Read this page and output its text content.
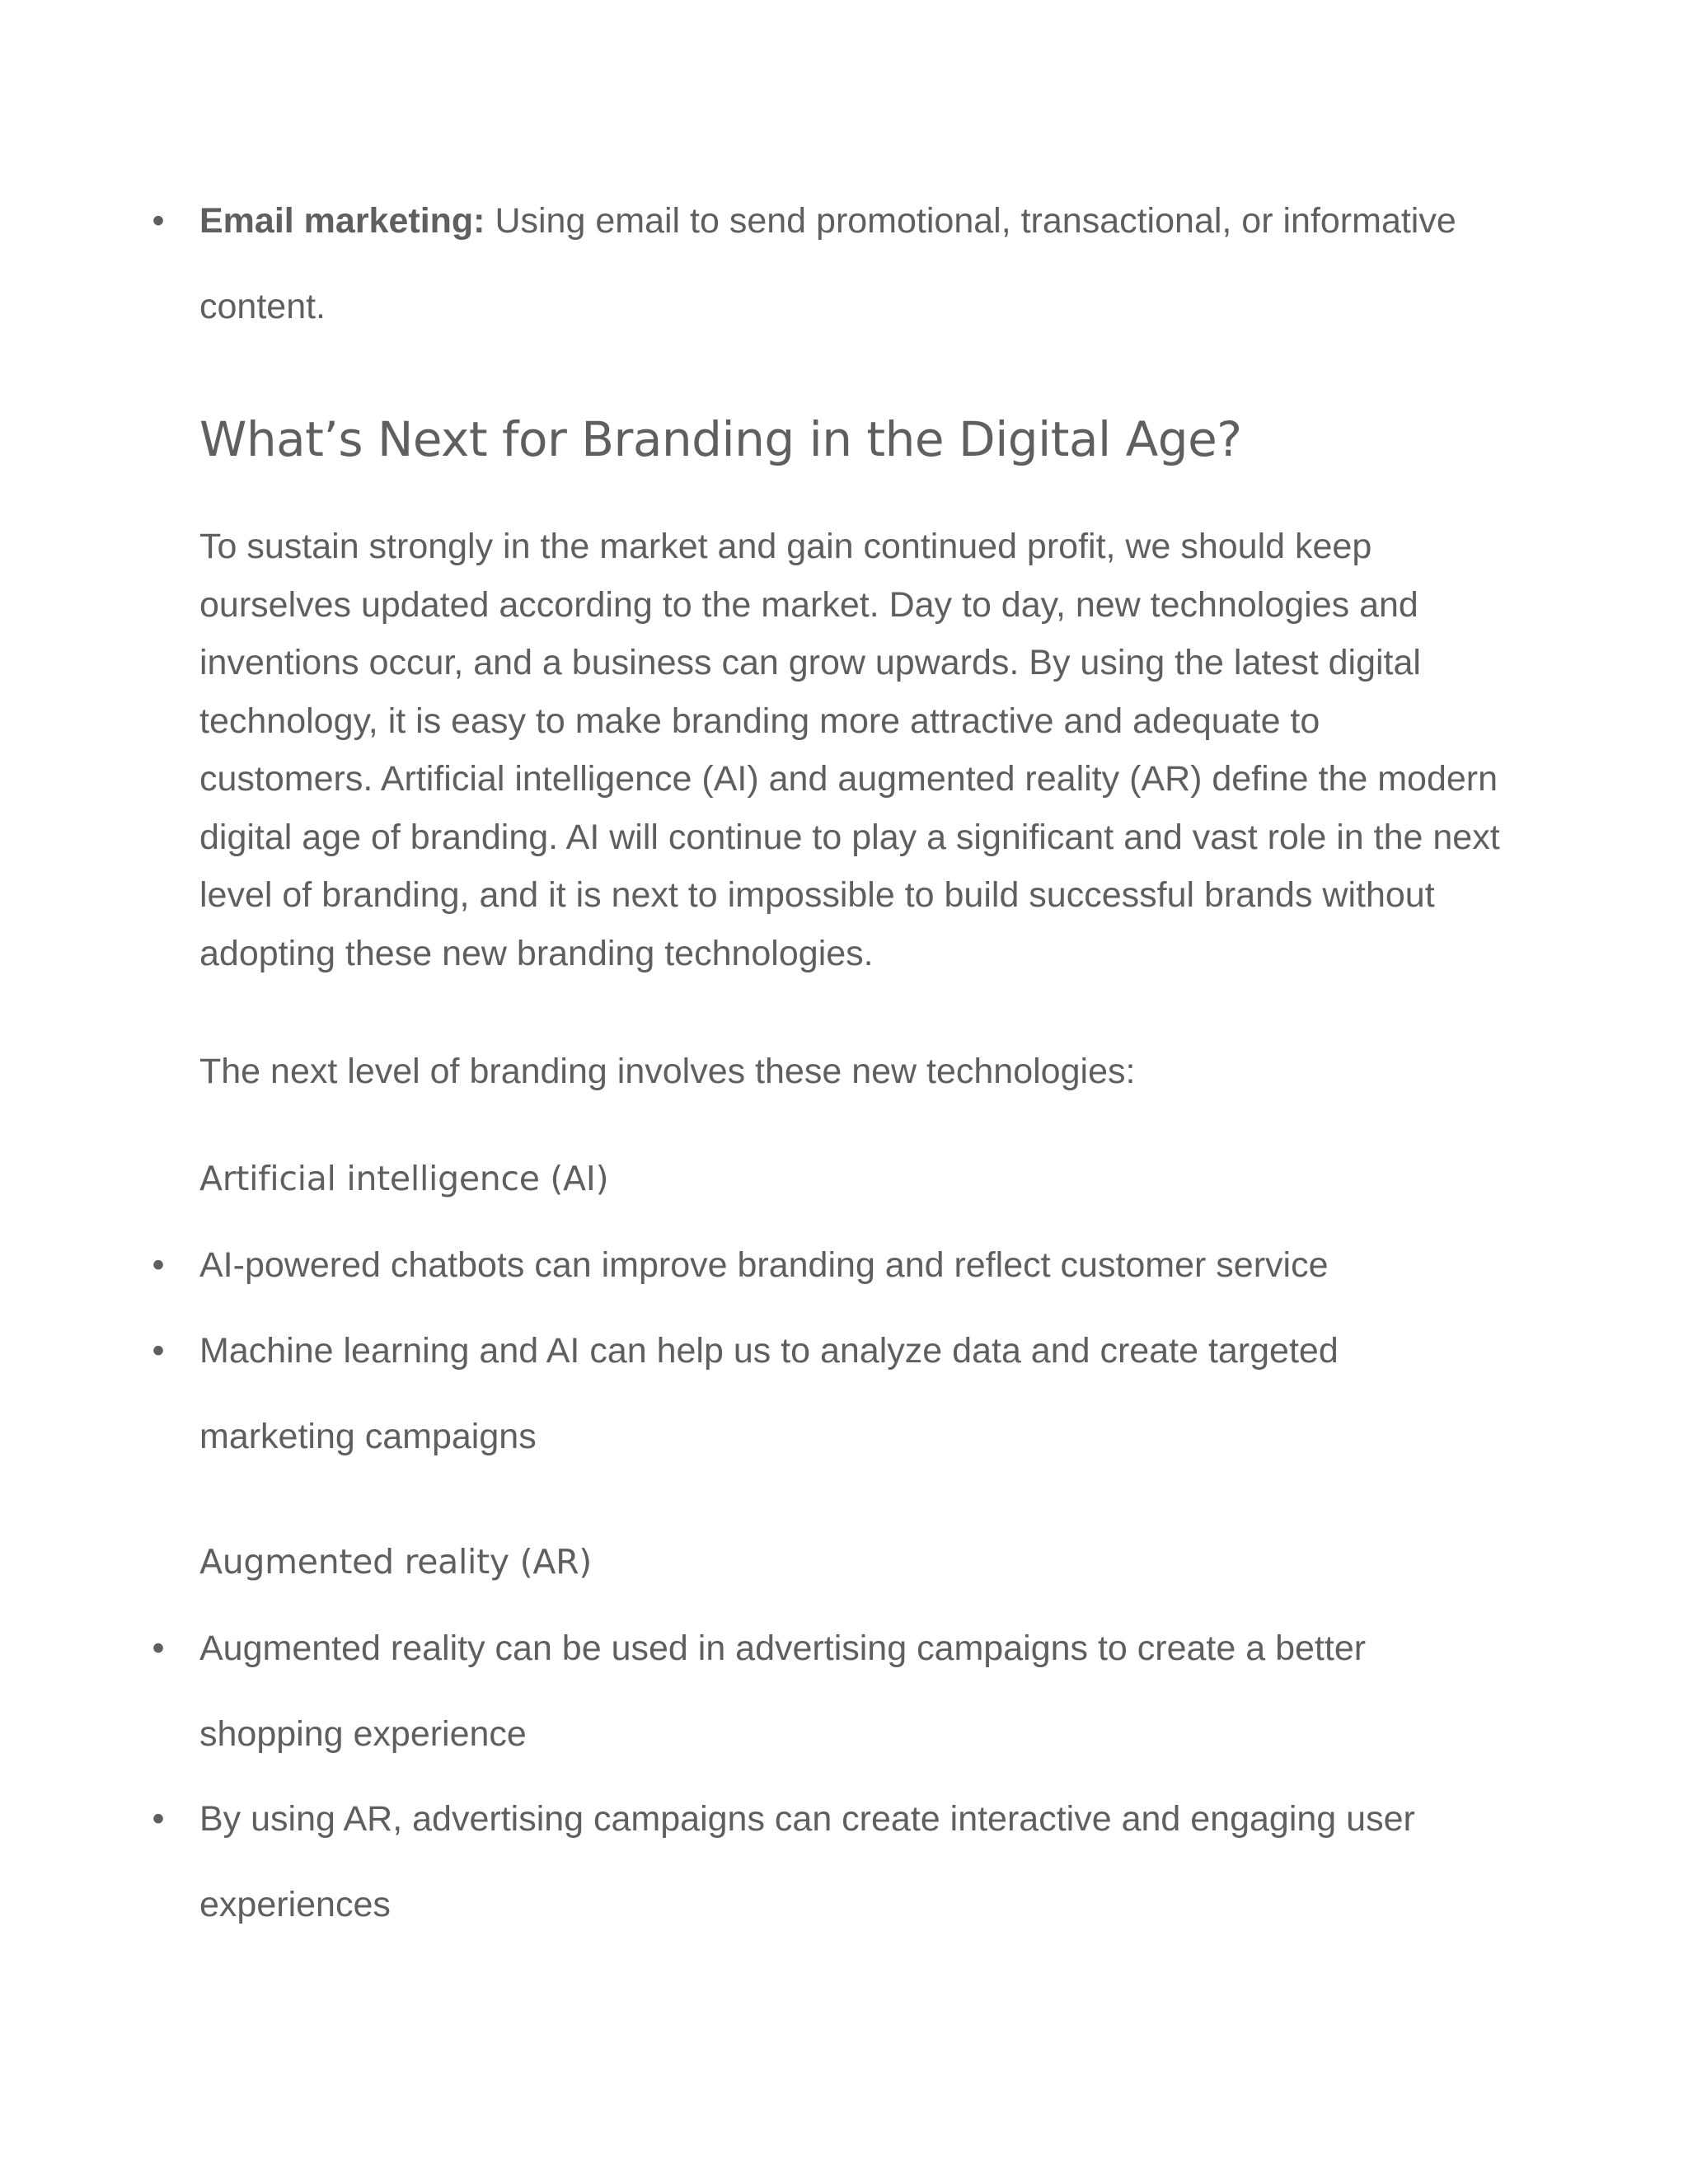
• Email marketing: Using email to send promotional, transactional, or informative content.
What’s Next for Branding in the Digital Age?
To sustain strongly in the market and gain continued profit, we should keep ourselves updated according to the market. Day to day, new technologies and inventions occur, and a business can grow upwards. By using the latest digital technology, it is easy to make branding more attractive and adequate to customers. Artificial intelligence (AI) and augmented reality (AR) define the modern digital age of branding. AI will continue to play a significant and vast role in the next level of branding, and it is next to impossible to build successful brands without adopting these new branding technologies.
The next level of branding involves these new technologies:
Artificial intelligence (AI)
• AI-powered chatbots can improve branding and reflect customer service
• Machine learning and AI can help us to analyze data and create targeted marketing campaigns
Augmented reality (AR)
• Augmented reality can be used in advertising campaigns to create a better shopping experience
• By using AR, advertising campaigns can create interactive and engaging user experiences
